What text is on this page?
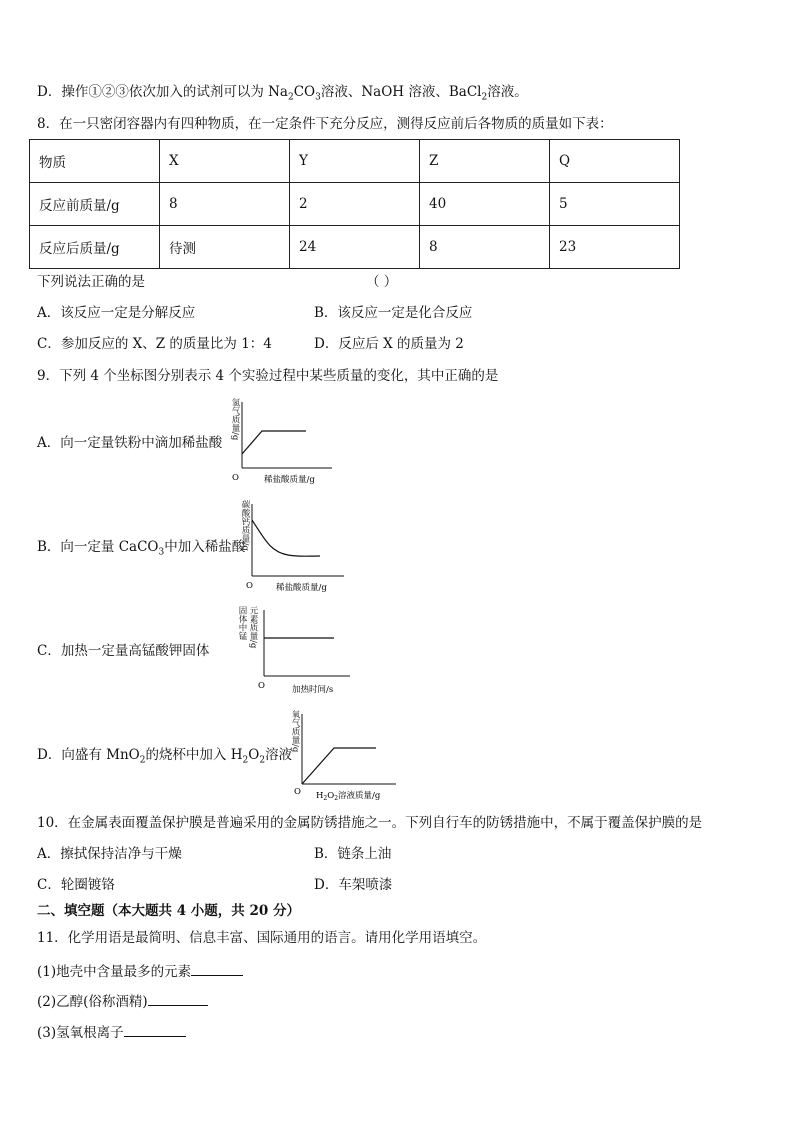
D．操作①②③依次加入的试剂可以为 $Na_2CO_3$溶液、NaOH 溶液、BaCl$_2$溶液。
8．在一只密闭容器内有四种物质，在一定条件下充分反应，测得反应前后各物质的质量如下表：
物质	X	Y	Z	Q
反应前质量/g	8	2	40	5
反应后质量/g	待测	24	8	23
下列说法正确的是	（ ）
A．该反应一定是分解反应	B．该反应一定是化合反应
C．参加反应的 X、Z 的质量比为 1：4	D．反应后 X 的质量为 2
9．下列 4 个坐标图分别表示 4 个实验过程中某些质量的变化，其中正确的是
A．向一定量铁粉中滴加稀盐酸
氢气质量/g
O	稀盐酸质量/g
B．向一定量 CaCO$_3$中加入稀盐酸
碳酸钙质量/g
O	稀盐酸质量/g
C．加热一定量高锰酸钾固体
元素质量/g
固体中锰
O	加热时间/s
D．向盛有 MnO$_2$的烧杯中加入 $H_2O_2$溶液
氧气质量/g
O $H_2O_2$溶液质量/g
10．在金属表面覆盖保护膜是普遍采用的金属防锈措施之一。下列自行车的防锈措施中，不属于覆盖保护膜的是
A．擦拭保持洁净与干燥	B．链条上油
C．轮圈镀铬	D．车架喷漆
二、填空题（本大题共 4 小题，共 20 分）
11．化学用语是最简明、信息丰富、国际通用的语言。请用化学用语填空。
(1)地壳中含量最多的元素
(2)乙醇(俗称酒精)
(3)氢氧根离子
